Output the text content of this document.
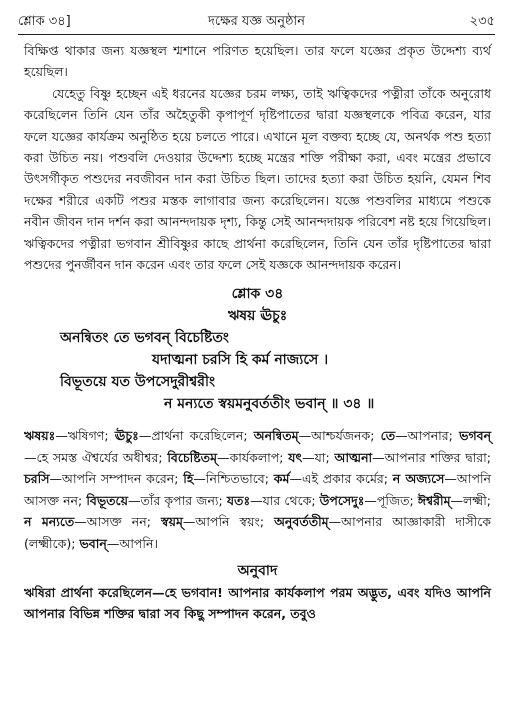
শ্লোক ৩৪]	দক্ষের যজ্ঞ অনুষ্ঠান	২৩৫

বিক্ষিপ্ত থাকার জন্য যজ্ঞস্থল শ্মশানে পরিণত হয়েছিল। তার ফলে যজ্ঞের প্রকৃত উদ্দেশ্য ব্যর্থ হয়েছিল।

যেহেতু বিষ্ণু হচ্ছেন এই ধরনের যজ্ঞের চরম লক্ষ্য, তাই ঋত্বিকদের পত্নীরা তাঁকে অনুরোধ করেছিলেন তিনি যেন তাঁর অহৈতুকী কৃপাপূর্ণ দৃষ্টিপাতের দ্বারা যজ্ঞস্থলকে পবিত্র করেন, যার ফলে যজ্ঞের কার্যক্রম অনুষ্ঠিত হয়ে চলতে পারে। এখানে মূল বক্তব্য হচ্ছে যে, অনর্থক পশু হত্যা করা উচিত নয়। পশুবলি দেওয়ার উদ্দেশ্য হচ্ছে মন্ত্রের শক্তি পরীক্ষা করা, এবং মন্ত্রের প্রভাবে উৎসর্গীকৃত পশুদের নবজীবন দান করা উচিত ছিল। তাদের হত্যা করা উচিত হয়নি, যেমন শিব দক্ষের শরীরে একটি পশুর মস্তক লাগাবার জন্য করেছিলেন। যজ্ঞে পশুবলির মাধ্যমে পশুকে নবীন জীবন দান দর্শন করা আনন্দদায়ক দৃশ্য, কিন্তু সেই আনন্দদায়ক পরিবেশ নষ্ট হয়ে গিয়েছিল। ঋত্বিকদের পত্নীরা ভগবান শ্রীবিষ্ণুর কাছে প্রার্থনা করেছিলেন, তিনি যেন তাঁর দৃষ্টিপাতের দ্বারা পশুদের পুনর্জীবন দান করেন এবং তার ফলে সেই যজ্ঞকে আনন্দদায়ক করেন।

শ্লোক ৩৪
ঋষয় ঊচুঃ
অনন্বিতং তে ভগবন্ বিচেষ্টিতং
যদাত্মনা চরসি হি কর্ম নাজ্যসে ।
বিভূতয়ে যত উপসেদুরীশ্বরীং
ন মন্যতে স্বয়মনুবর্ততীং ভবান্ ॥ ৩৪ ॥
ঋষয়ঃ—ঋষিগণ; ঊচুঃ—প্রার্থনা করেছিলেন; অনন্বিতম্—আশ্চর্যজনক; তে—আপনার; ভগবন্—হে সমস্ত ঐশ্বর্যের অধীশ্বর; বিচেষ্টিতম্—কার্যকলাপ; যৎ—যা; আত্মনা—আপনার শক্তির দ্বারা; চরসি—আপনি সম্পাদন করেন; হি—নিশ্চিতভাবে; কর্ম—এই প্রকার কর্মের; ন অজ্যসে—আপনি আসক্ত নন; বিভূতয়ে—তাঁর কৃপার জন্য; যতঃ—যার থেকে; উপসেদুঃ—পূজিত; ঈশ্বরীম্—লক্ষ্মী; ন মন্যতে—আসক্ত নন; স্বয়ম্—আপনি স্বয়ং; অনুবর্ততীম্—আপনার আজ্ঞাকারী দাসীকে (লক্ষ্মীকে); ভবান্—আপনি।
অনুবাদ
ঋষিরা প্রার্থনা করেছিলেন—হে ভগবান! আপনার কার্যকলাপ পরম অদ্ভুত, এবং যদিও আপনি আপনার বিভিন্ন শক্তির দ্বারা সব কিছু সম্পাদন করেন, তবুও
